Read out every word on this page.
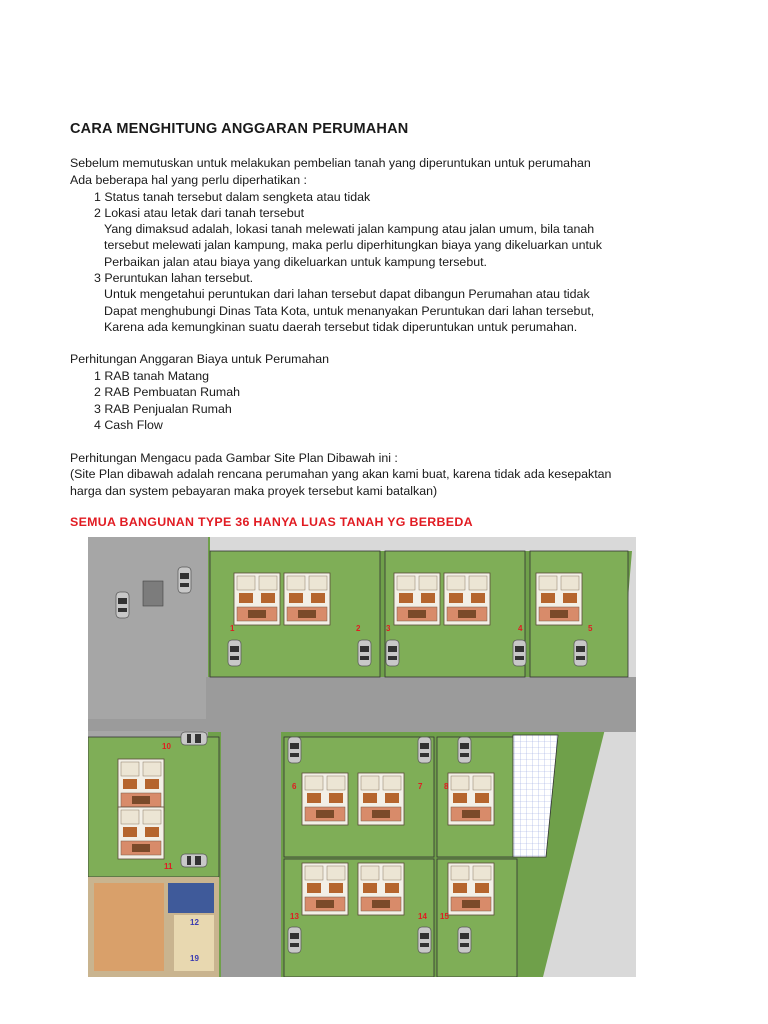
CARA MENGHITUNG ANGGARAN PERUMAHAN
Sebelum memutuskan untuk melakukan pembelian tanah yang diperuntukan untuk perumahan
Ada beberapa hal yang perlu diperhatikan :
1 Status tanah tersebut dalam sengketa atau tidak
2 Lokasi atau letak dari tanah tersebut
Yang dimaksud adalah, lokasi tanah melewati jalan kampung atau jalan umum, bila tanah
tersebut melewati jalan kampung, maka perlu diperhitungkan biaya yang dikeluarkan untuk
Perbaikan jalan atau biaya yang dikeluarkan untuk kampung tersebut.
3 Peruntukan lahan tersebut.
Untuk mengetahui peruntukan dari lahan tersebut dapat dibangun Perumahan atau tidak
Dapat menghubungi Dinas Tata Kota, untuk menanyakan Peruntukan dari lahan tersebut,
Karena ada kemungkinan suatu daerah tersebut tidak diperuntukan untuk perumahan.
Perhitungan Anggaran Biaya untuk Perumahan
1 RAB tanah Matang
2 RAB Pembuatan Rumah
3 RAB Penjualan Rumah
4 Cash Flow
Perhitungan Mengacu pada Gambar Site Plan Dibawah ini :
(Site Plan dibawah adalah rencana perumahan yang akan kami buat, karena tidak ada kesepaktan
harga dan system pebayaran maka proyek tersebut kami batalkan)
SEMUA BANGUNAN TYPE 36 HANYA LUAS TANAH YG BERBEDA
1	2	3	4	5
6	7	8
10
11
13	14 15
12
19
